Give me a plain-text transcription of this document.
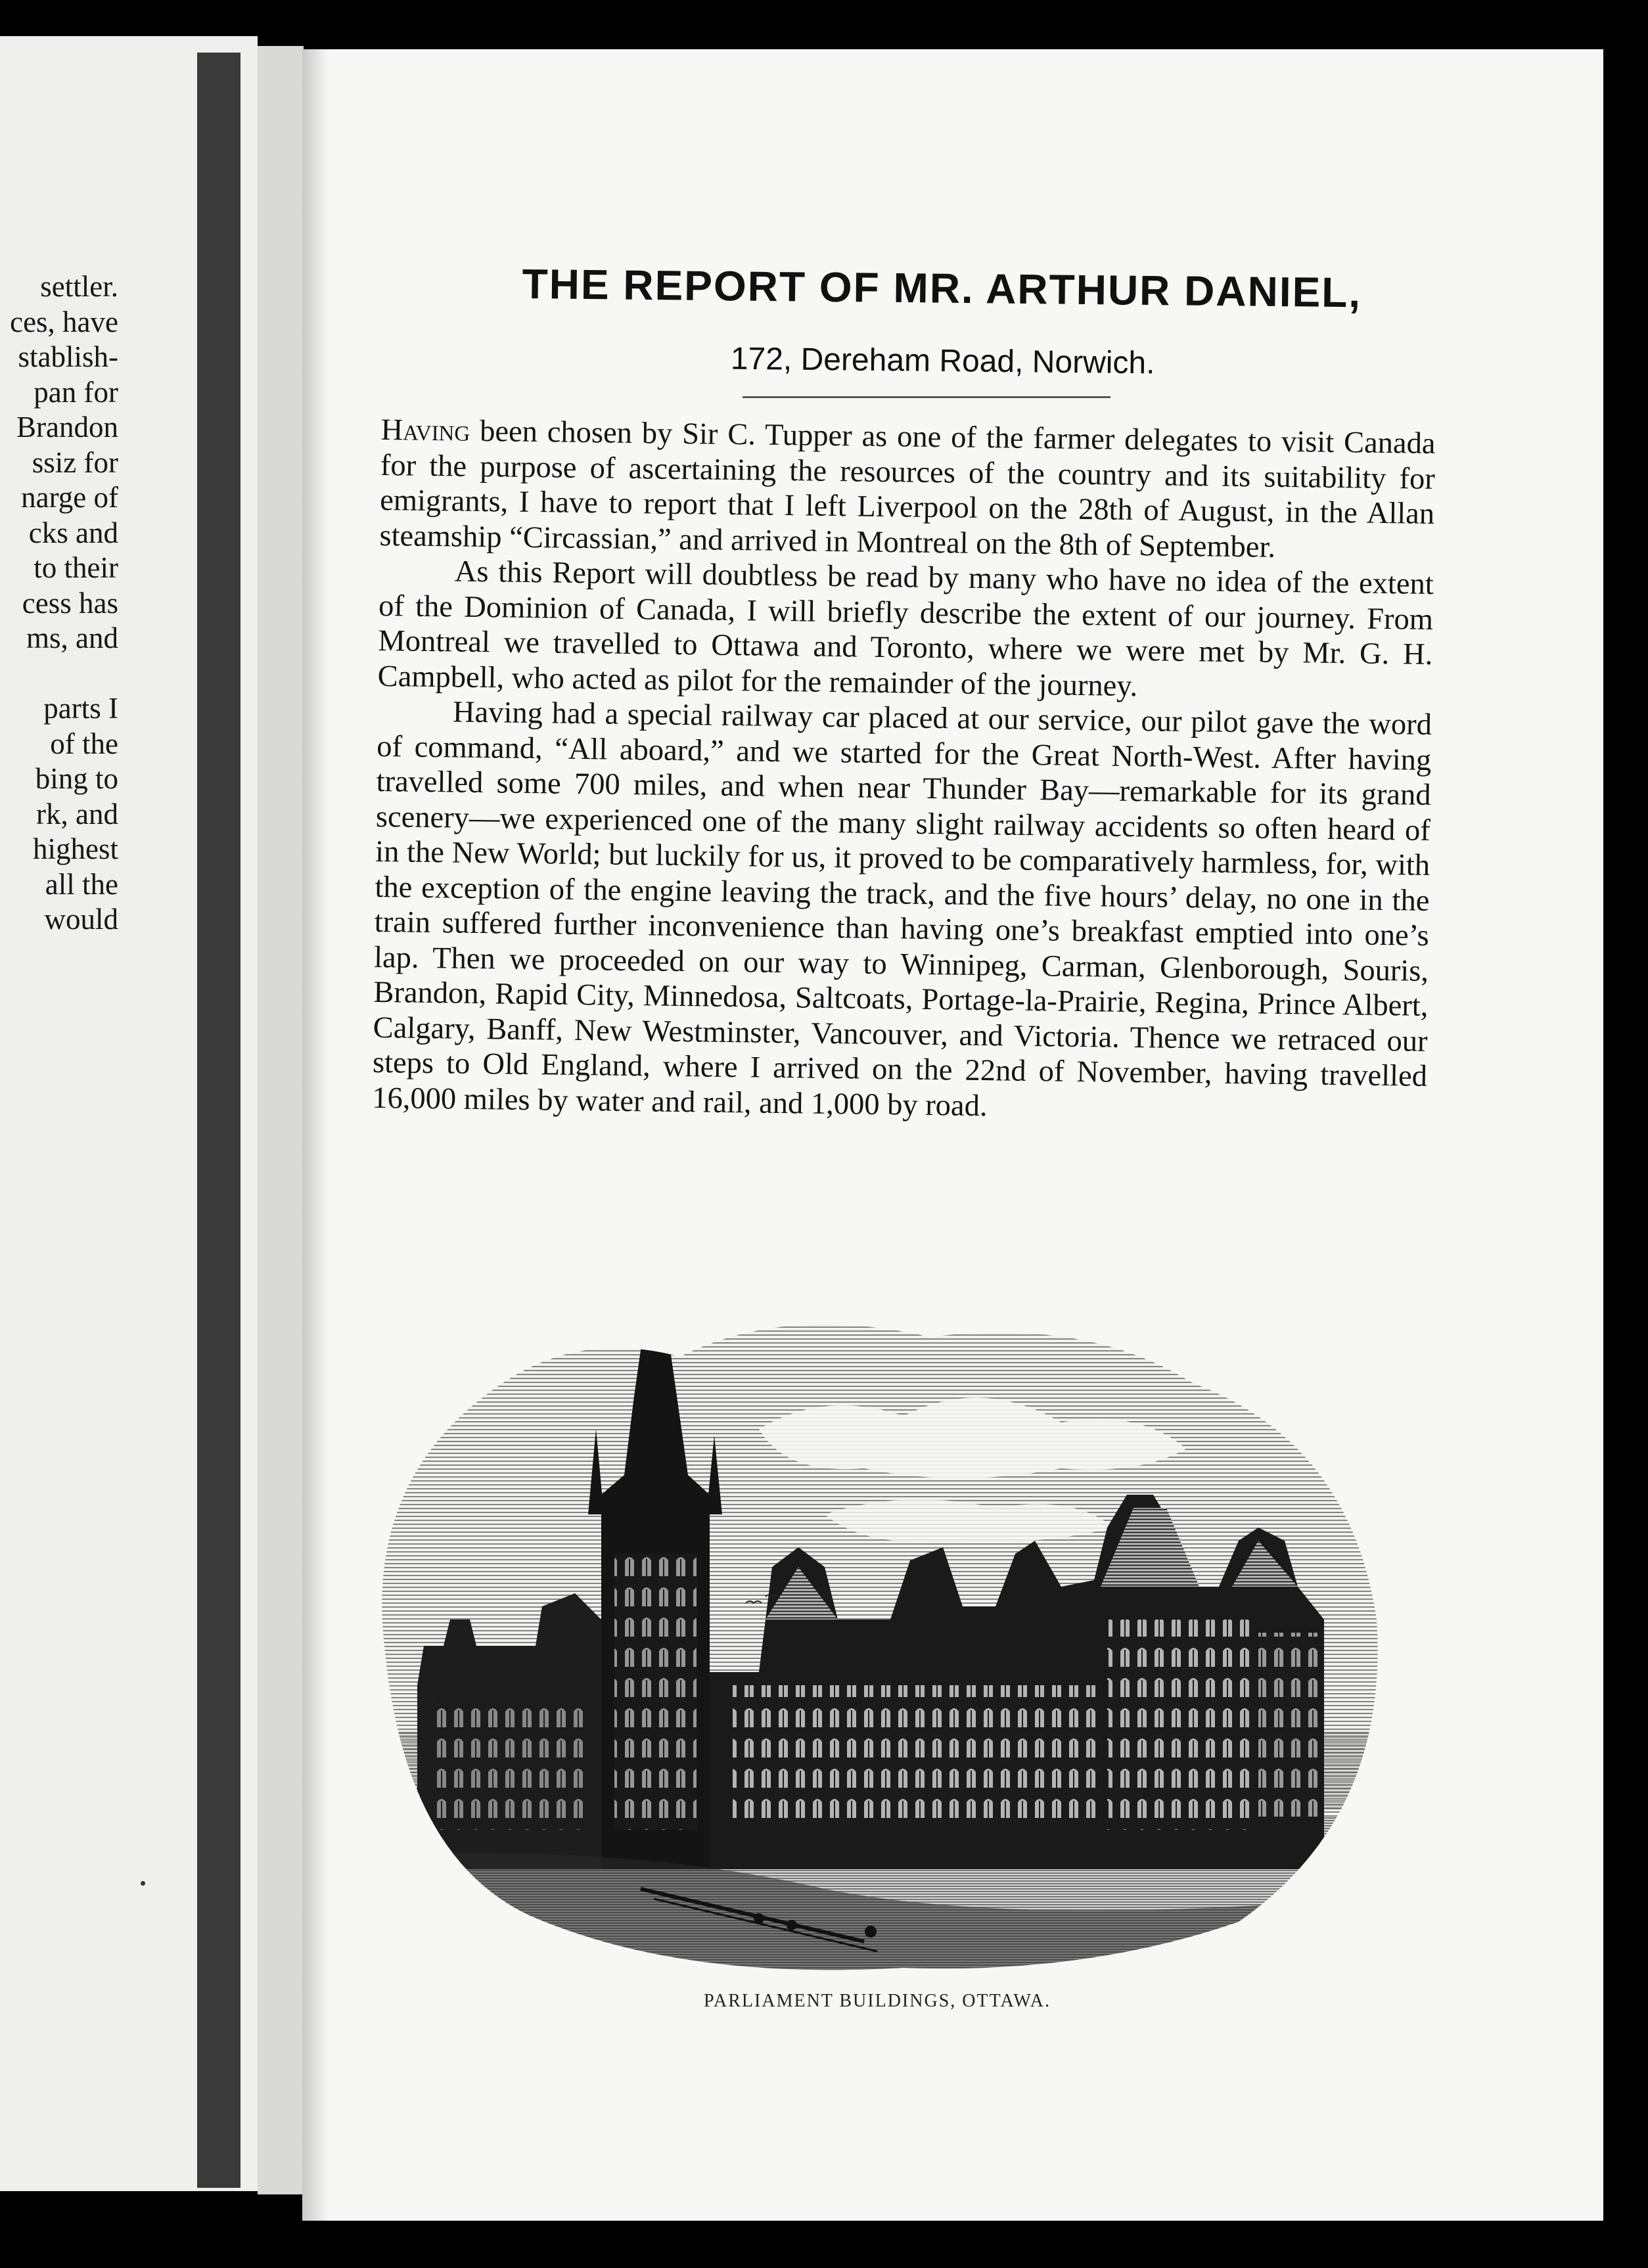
settler.
ces, have
stablish-
pan for
Brandon
ssiz for
narge of
cks and
to their
cess has
ms, and
parts I
of the
bing to
rk, and
highest
all the
would
THE REPORT OF MR. ARTHUR DANIEL,
172, Dereham Road, Norwich.

Having been chosen by Sir C. Tupper as one of the farmer delegates to visit Canada for the purpose of ascertaining the resources of the country and its suitability for emigrants, I have to report that I left Liverpool on the 28th of August, in the Allan steamship “Circassian,” and arrived in Montreal on the 8th of September.

As this Report will doubtless be read by many who have no idea of the extent of the Dominion of Canada, I will briefly describe the extent of our journey. From Montreal we travelled to Ottawa and Toronto, where we were met by Mr. G. H. Campbell, who acted as pilot for the remainder of the journey.

Having had a special railway car placed at our service, our pilot gave the word of command, “All aboard,” and we started for the Great North-West. After having travelled some 700 miles, and when near Thunder Bay—remarkable for its grand scenery—we experienced one of the many slight railway accidents so often heard of in the New World; but luckily for us, it proved to be comparatively harmless, for, with the exception of the engine leaving the track, and the five hours’ delay, no one in the train suffered further inconvenience than having one’s breakfast emptied into one’s lap. Then we proceeded on our way to Winnipeg, Carman, Glenborough, Souris, Brandon, Rapid City, Minnedosa, Saltcoats, Portage-la-Prairie, Regina, Prince Albert, Calgary, Banff, New Westminster, Vancouver, and Victoria. Thence we retraced our steps to Old England, where I arrived on the 22nd of November, having travelled 16,000 miles by water and rail, and 1,000 by road.

PARLIAMENT BUILDINGS, OTTAWA.
